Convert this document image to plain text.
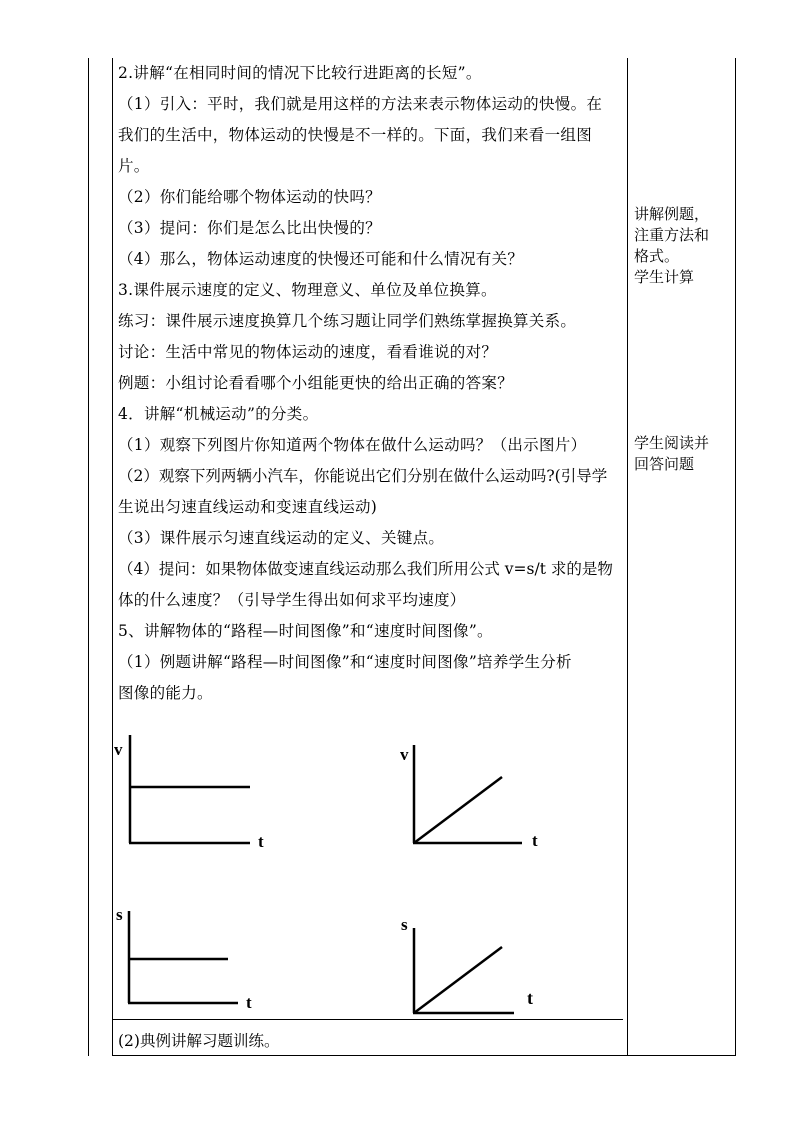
2.讲解“在相同时间的情况下比较行进距离的长短”。

（1）引入：平时，我们就是用这样的方法来表示物体运动的快慢。在

我们的生活中，物体运动的快慢是不一样的。下面，我们来看一组图

片。

（2）你们能给哪个物体运动的快吗？

（3）提问：你们是怎么比出快慢的？

（4）那么，物体运动速度的快慢还可能和什么情况有关？

3.课件展示速度的定义、物理意义、单位及单位换算。

练习：课件展示速度换算几个练习题让同学们熟练掌握换算关系。

讨论：生活中常见的物体运动的速度，看看谁说的对？

例题：小组讨论看看哪个小组能更快的给出正确的答案？

4．讲解“机械运动”的分类。

（1）观察下列图片你知道两个物体在做什么运动吗？（出示图片）

（2）观察下列两辆小汽车，你能说出它们分别在做什么运动吗?(引导学

生说出匀速直线运动和变速直线运动)

（3）课件展示匀速直线运动的定义、关键点。

（4）提问：如果物体做变速直线运动那么我们所用公式 v=s/t 求的是物

体的什么速度？（引导学生得出如何求平均速度）

5、讲解物体的“路程—时间图像”和“速度时间图像”。

（1）例题讲解“路程—时间图像”和“速度时间图像”培养学生分析

图像的能力。

讲解例题，
注重方法和
格式。
学生计算
学生阅读并
回答问题
v
t
v
t
s
t
s
t
(2)典例讲解习题训练。
